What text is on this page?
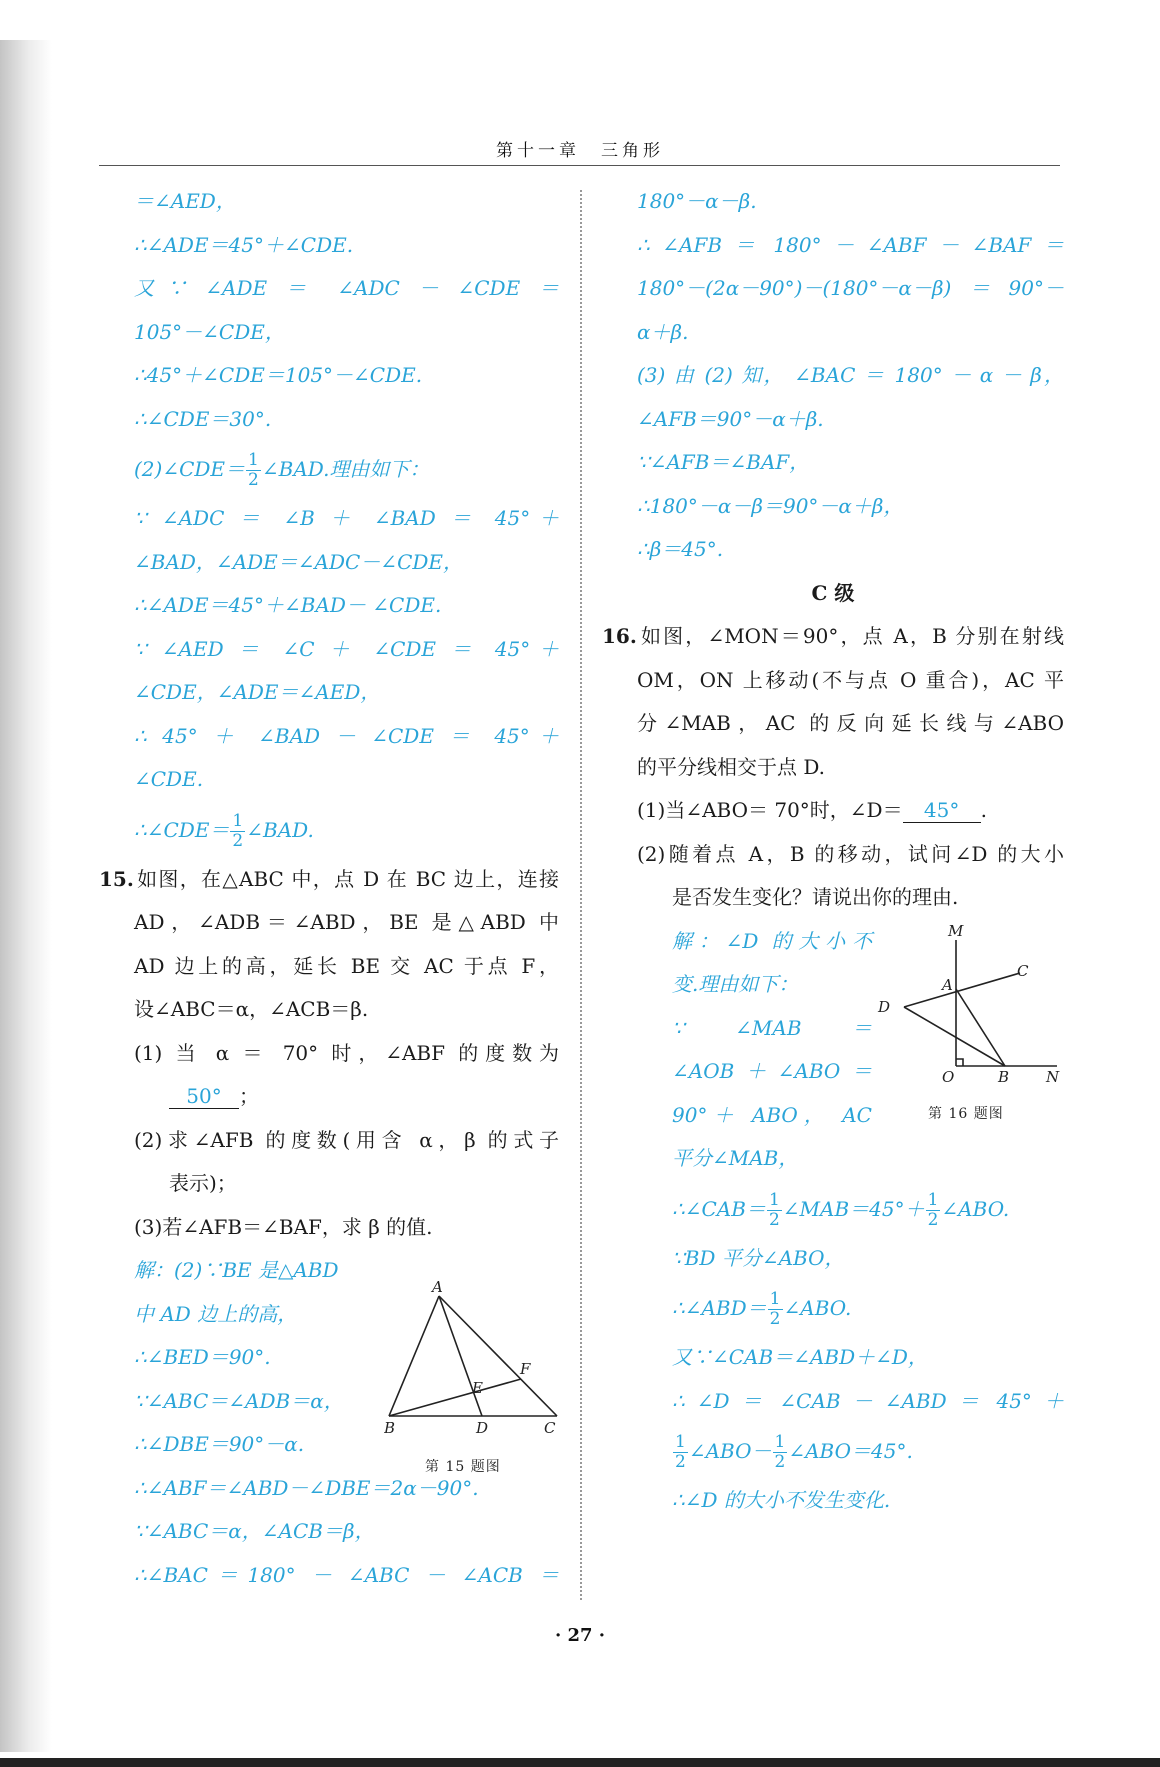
第十一章　三角形
＝∠AED，
∴∠ADE＝45°＋∠CDE.
又∵ ∠ADE ＝ ∠ADC － ∠CDE ＝
105°－∠CDE，
∴45°＋∠CDE＝105°－∠CDE.
∴∠CDE＝30°.
(2)∠CDE＝ $\frac{1}{2}$ ∠BAD.理由如下：
∵ ∠ADC ＝ ∠B ＋ ∠BAD ＝ 45°＋
∠BAD，∠ADE＝∠ADC－∠CDE，
∴∠ADE＝45°＋∠BAD－ ∠CDE.
∵ ∠AED ＝ ∠C ＋ ∠CDE ＝ 45°＋
∠CDE，∠ADE＝∠AED，
∴ 45° ＋ ∠BAD － ∠CDE ＝ 45°＋
∠CDE.
∴∠CDE＝ $\frac{1}{2}$ ∠BAD.
15. 如图，在△ABC 中，点 D 在 BC 边上，连接
AD，∠ADB＝∠ABD，BE 是△ABD 中
AD 边上的高，延长 BE 交 AC 于点 F，
设∠ABC＝α，∠ACB＝β.
(1) 当 α ＝ 70° 时，∠ABF 的度数为
50° ；
(2)求∠AFB 的度数(用含 α，β 的式子
表示)；
(3)若∠AFB＝∠BAF，求 β 的值.
解：(2)∵BE 是△ABD
中 AD 边上的高，
∴∠BED＝90°.
∵∠ABC＝∠ADB＝α，
∴∠DBE＝90°－α.
∴∠ABF＝∠ABD－∠DBE＝2α－90°.
∵∠ABC＝α，∠ACB＝β，
∴∠BAC＝180° － ∠ABC － ∠ACB ＝
A
B	D	C
E
F
第 15 题图
180°－α－β.
∴ ∠AFB ＝ 180° － ∠ABF － ∠BAF ＝
180°－(2α－90°)－(180°－α－β)＝90°－
α＋β.
(3) 由 (2) 知， ∠BAC ＝ 180° － α － β，
∠AFB＝90°－α＋β.
∵∠AFB＝∠BAF，
∴180°－α－β＝90°－α＋β，
∴β＝45°.
C 级
16. 如图，∠MON＝90°，点 A，B 分别在射线
OM，ON 上移动(不与点 O 重合)，AC 平
分∠MAB，AC 的反向延长线与∠ABO
的平分线相交于点 D.
(1)当∠ABO＝ 70°时，∠D＝ 45° .
(2)随着点 A，B 的移动，试问∠D 的大小
是否发生变化？请说出你的理由.
解：∠D 的大小不
变.理由如下：
∵ ∠MAB ＝
∠AOB＋∠ABO＝
90°＋ ABO， AC
平分∠MAB，
∴∠CAB＝ $\frac{1}{2}$ ∠MAB＝45°＋ $\frac{1}{2}$ ∠ABO.
∵BD 平分∠ABO，
∴∠ABD＝ $\frac{1}{2}$ ∠ABO.
又∵∠CAB＝∠ABD＋∠D，
∴ ∠D ＝ ∠CAB － ∠ABD ＝ 45° ＋
$\frac{1}{2}$ ∠ABO－ $\frac{1}{2}$ ∠ABO＝45°.
∴∠D 的大小不发生变化.
M
A
C
D
O	B N
第 16 题图
· 27 ·
